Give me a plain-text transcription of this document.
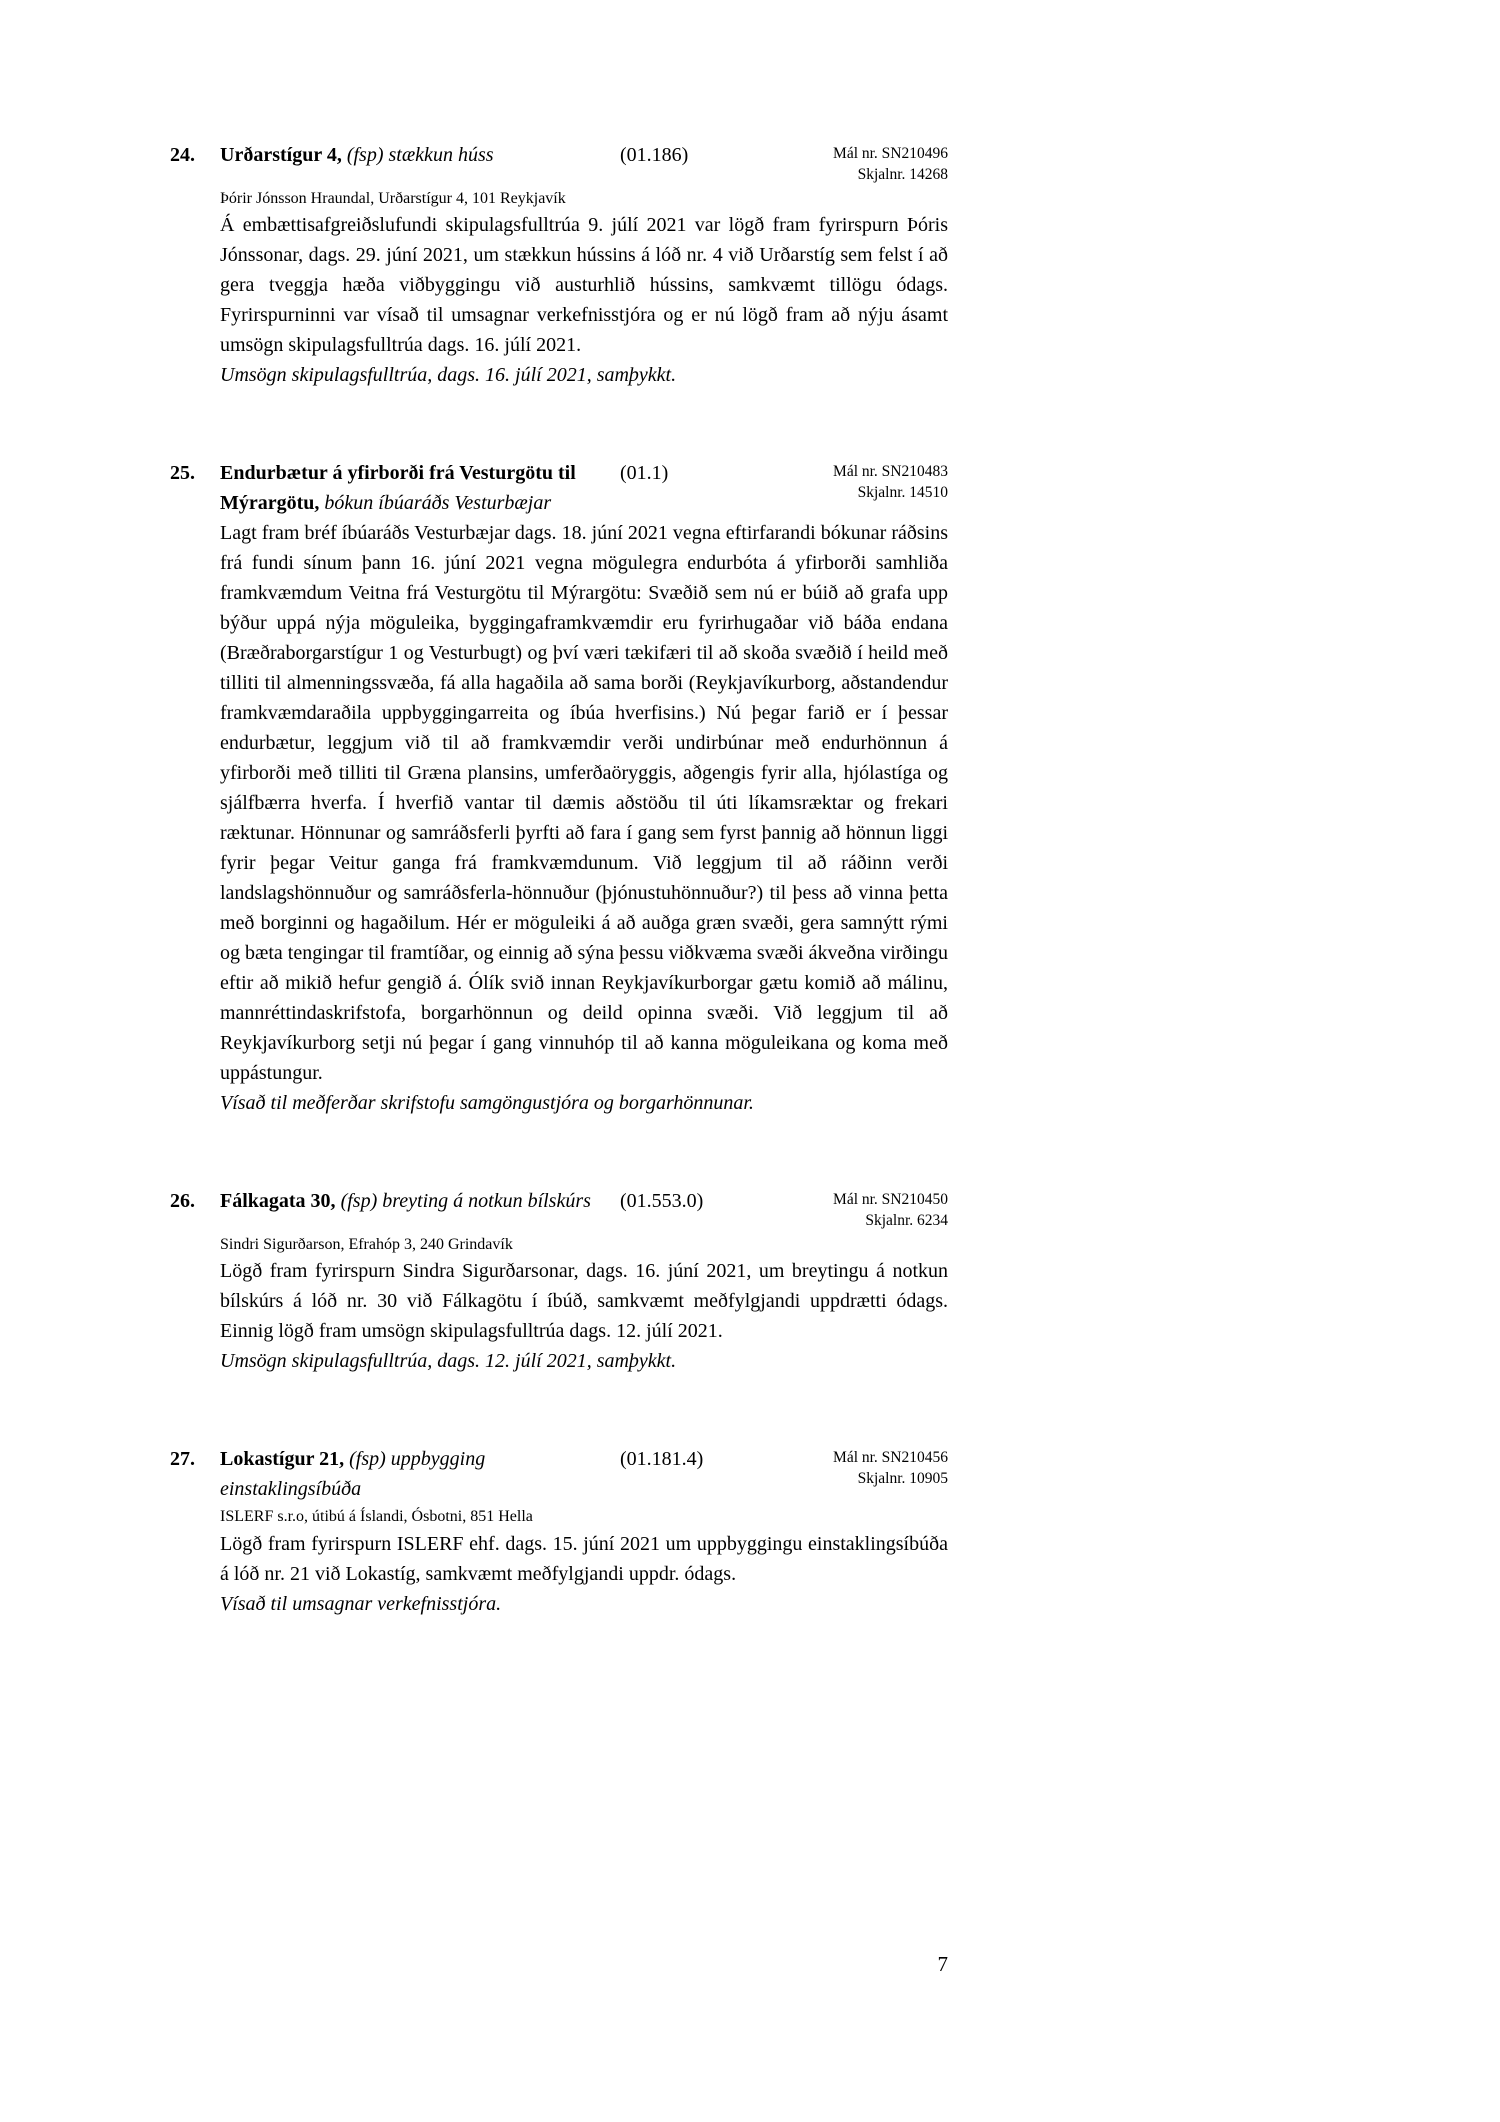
24.	Urðarstígur 4, (fsp) stækkun húss	(01.186)	Mál nr. SN210496
Skjalnr. 14268
Þórir Jónsson Hraundal, Urðarstígur 4, 101 Reykjavík

Á embættisafgreiðslufundi skipulagsfulltrúa 9. júlí 2021 var lögð fram fyrirspurn Þóris Jónssonar, dags. 29. júní 2021, um stækkun hússins á lóð nr. 4 við Urðarstíg sem felst í að gera tveggja hæða viðbyggingu við austurhlið hússins, samkvæmt tillögu ódags. Fyrirspurninni var vísað til umsagnar verkefnisstjóra og er nú lögð fram að nýju ásamt umsögn skipulagsfulltrúa dags. 16. júlí 2021.

Umsögn skipulagsfulltrúa, dags. 16. júlí 2021, samþykkt.

25.	Endurbætur á yfirborði frá Vesturgötu til Mýrargötu, bókun íbúaráðs Vesturbæjar
(01.1)	Mál nr. SN210483
Skjalnr. 14510

Lagt fram bréf íbúaráðs Vesturbæjar dags. 18. júní 2021 vegna eftirfarandi bókunar ráðsins frá fundi sínum þann 16. júní 2021 vegna mögulegra endurbóta á yfirborði samhliða framkvæmdum Veitna frá Vesturgötu til Mýrargötu: Svæðið sem nú er búið að grafa upp býður uppá nýja möguleika, byggingaframkvæmdir eru fyrirhugaðar við báða endana (Bræðraborgarstígur 1 og Vesturbugt) og því væri tækifæri til að skoða svæðið í heild með tilliti til almenningssvæða, fá alla hagaðila að sama borði (Reykjavíkurborg, aðstandendur framkvæmdaraðila uppbyggingarreita og íbúa hverfisins.) Nú þegar farið er í þessar endurbætur, leggjum við til að framkvæmdir verði undirbúnar með endurhönnun á yfirborði með tilliti til Græna plansins, umferðaöryggis, aðgengis fyrir alla, hjólastíga og sjálfbærra hverfa. Í hverfið vantar til dæmis aðstöðu til úti líkamsræktar og frekari ræktunar. Hönnunar og samráðsferli þyrfti að fara í gang sem fyrst þannig að hönnun liggi fyrir þegar Veitur ganga frá framkvæmdunum. Við leggjum til að ráðinn verði landslagshönnuður og samráðsferla-hönnuður (þjónustuhönnuður?) til þess að vinna þetta með borginni og hagaðilum. Hér er möguleiki á að auðga græn svæði, gera samnýtt rými og bæta tengingar til framtíðar, og einnig að sýna þessu viðkvæma svæði ákveðna virðingu eftir að mikið hefur gengið á. Ólík svið innan Reykjavíkurborgar gætu komið að málinu, mannréttindaskrifstofa, borgarhönnun og deild opinna svæði. Við leggjum til að Reykjavíkurborg setji nú þegar í gang vinnuhóp til að kanna möguleikana og koma með uppástungur.

Vísað til meðferðar skrifstofu samgöngustjóra og borgarhönnunar.

26.	Fálkagata 30, (fsp) breyting á notkun bílskúrs	(01.553.0)	Mál nr. SN210450
Skjalnr. 6234
Sindri Sigurðarson, Efrahóp 3, 240 Grindavík

Lögð fram fyrirspurn Sindra Sigurðarsonar, dags. 16. júní 2021, um breytingu á notkun bílskúrs á lóð nr. 30 við Fálkagötu í íbúð, samkvæmt meðfylgjandi uppdrætti ódags. Einnig lögð fram umsögn skipulagsfulltrúa dags. 12. júlí 2021.

Umsögn skipulagsfulltrúa, dags. 12. júlí 2021, samþykkt.

27.	Lokastígur 21, (fsp) uppbygging einstaklingsíbúða
(01.181.4)	Mál nr. SN210456
Skjalnr. 10905
ISLERF s.r.o, útibú á Íslandi, Ósbotni, 851 Hella

Lögð fram fyrirspurn ISLERF ehf. dags. 15. júní 2021 um uppbyggingu einstaklingsíbúða á lóð nr. 21 við Lokastíg, samkvæmt meðfylgjandi uppdr. ódags.

Vísað til umsagnar verkefnisstjóra.

7
